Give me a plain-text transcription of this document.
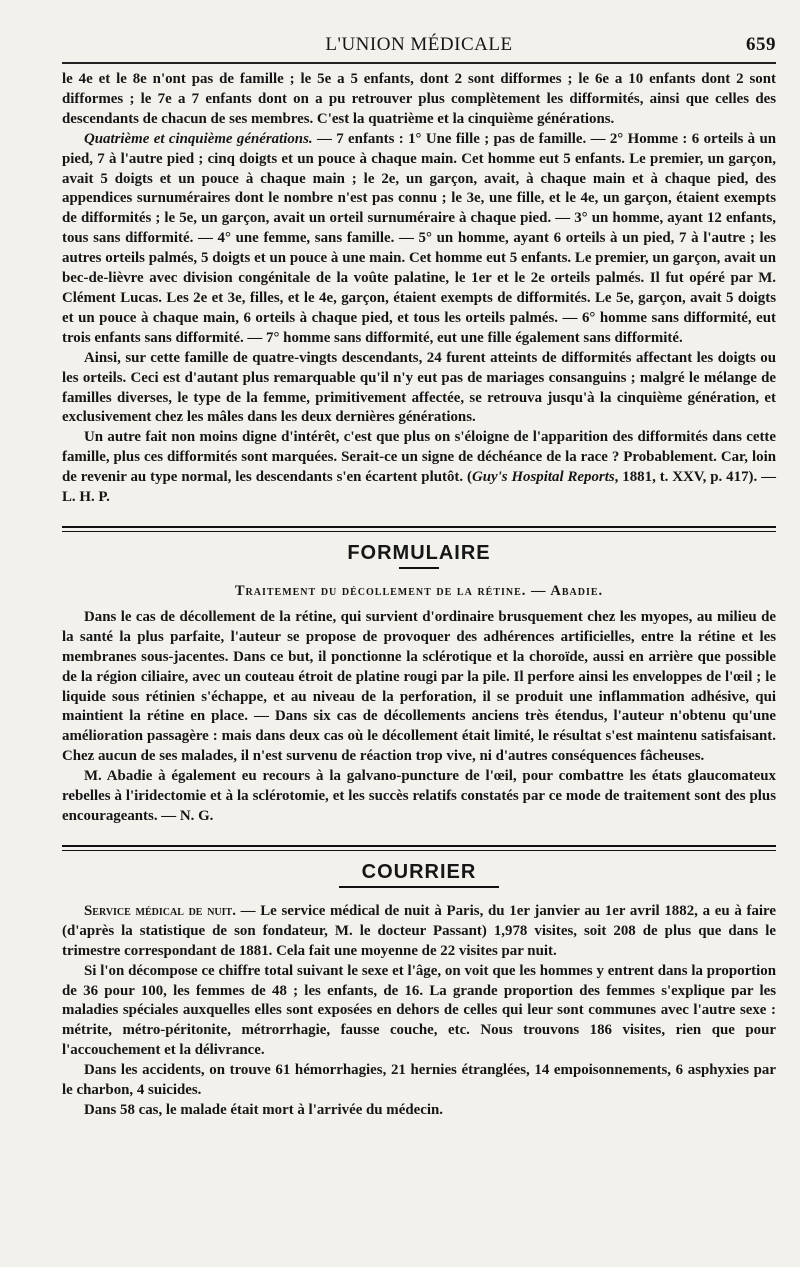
L'UNION MÉDICALE	659

le 4e et le 8e n'ont pas de famille ; le 5e a 5 enfants, dont 2 sont difformes ; le 6e a 10 enfants dont 2 sont difformes ; le 7e a 7 enfants dont on a pu retrouver plus complètement les difformités, ainsi que celles des descendants de chacun de ses membres. C'est la quatrième et la cinquième générations.

Quatrième et cinquième générations. — 7 enfants : 1° Une fille ; pas de famille. — 2° Homme : 6 orteils à un pied, 7 à l'autre pied ; cinq doigts et un pouce à chaque main. Cet homme eut 5 enfants. Le premier, un garçon, avait 5 doigts et un pouce à chaque main ; le 2e, un garçon, avait, à chaque main et à chaque pied, des appendices surnuméraires dont le nombre n'est pas connu ; le 3e, une fille, et le 4e, un garçon, étaient exempts de difformités ; le 5e, un garçon, avait un orteil surnuméraire à chaque pied. — 3° un homme, ayant 12 enfants, tous sans difformité. — 4° une femme, sans famille. — 5° un homme, ayant 6 orteils à un pied, 7 à l'autre ; les autres orteils palmés, 5 doigts et un pouce à une main. Cet homme eut 5 enfants. Le premier, un garçon, avait un bec-de-lièvre avec division congénitale de la voûte palatine, le 1er et le 2e orteils palmés. Il fut opéré par M. Clément Lucas. Les 2e et 3e, filles, et le 4e, garçon, étaient exempts de difformités. Le 5e, garçon, avait 5 doigts et un pouce à chaque main, 6 orteils à chaque pied, et tous les orteils palmés. — 6° homme sans difformité, eut trois enfants sans difformité. — 7° homme sans difformité, eut une fille également sans difformité.

Ainsi, sur cette famille de quatre-vingts descendants, 24 furent atteints de difformités affectant les doigts ou les orteils. Ceci est d'autant plus remarquable qu'il n'y eut pas de mariages consanguins ; malgré le mélange de familles diverses, le type de la femme, primitivement affectée, se retrouva jusqu'à la cinquième génération, et exclusivement chez les mâles dans les deux dernières générations.

Un autre fait non moins digne d'intérêt, c'est que plus on s'éloigne de l'apparition des difformités dans cette famille, plus ces difformités sont marquées. Serait-ce un signe de déchéance de la race ? Probablement. Car, loin de revenir au type normal, les descendants s'en écartent plutôt. (Guy's Hospital Reports, 1881, t. XXV, p. 417). — L. H. P.

FORMULAIRE
Traitement du décollement de la rétine. — Abadie.

Dans le cas de décollement de la rétine, qui survient d'ordinaire brusquement chez les myopes, au milieu de la santé la plus parfaite, l'auteur se propose de provoquer des adhérences artificielles, entre la rétine et les membranes sous-jacentes. Dans ce but, il ponctionne la sclérotique et la choroïde, aussi en arrière que possible de la région ciliaire, avec un couteau étroit de platine rougi par la pile. Il perfore ainsi les enveloppes de l'œil ; le liquide sous rétinien s'échappe, et au niveau de la perforation, il se produit une inflammation adhésive, qui maintient la rétine en place. — Dans six cas de décollements anciens très étendus, l'auteur n'obtenu qu'une amélioration passagère : mais dans deux cas où le décollement était limité, le résultat s'est maintenu satisfaisant. Chez aucun de ses malades, il n'est survenu de réaction trop vive, ni d'autres conséquences fâcheuses.

M. Abadie à également eu recours à la galvano-puncture de l'œil, pour combattre les états glaucomateux rebelles à l'iridectomie et à la sclérotomie, et les succès relatifs constatés par ce mode de traitement sont des plus encourageants. — N. G.

COURRIER

Service médical de nuit. — Le service médical de nuit à Paris, du 1er janvier au 1er avril 1882, a eu à faire (d'après la statistique de son fondateur, M. le docteur Passant) 1,978 visites, soit 208 de plus que dans le trimestre correspondant de 1881. Cela fait une moyenne de 22 visites par nuit.

Si l'on décompose ce chiffre total suivant le sexe et l'âge, on voit que les hommes y entrent dans la proportion de 36 pour 100, les femmes de 48 ; les enfants, de 16. La grande proportion des femmes s'explique par les maladies spéciales auxquelles elles sont exposées en dehors de celles qui leur sont communes avec l'autre sexe : métrite, métro-péritonite, métrorrhagie, fausse couche, etc. Nous trouvons 186 visites, rien que pour l'accouchement et la délivrance.

Dans les accidents, on trouve 61 hémorrhagies, 21 hernies étranglées, 14 empoisonnements, 6 asphyxies par le charbon, 4 suicides.

Dans 58 cas, le malade était mort à l'arrivée du médecin.
